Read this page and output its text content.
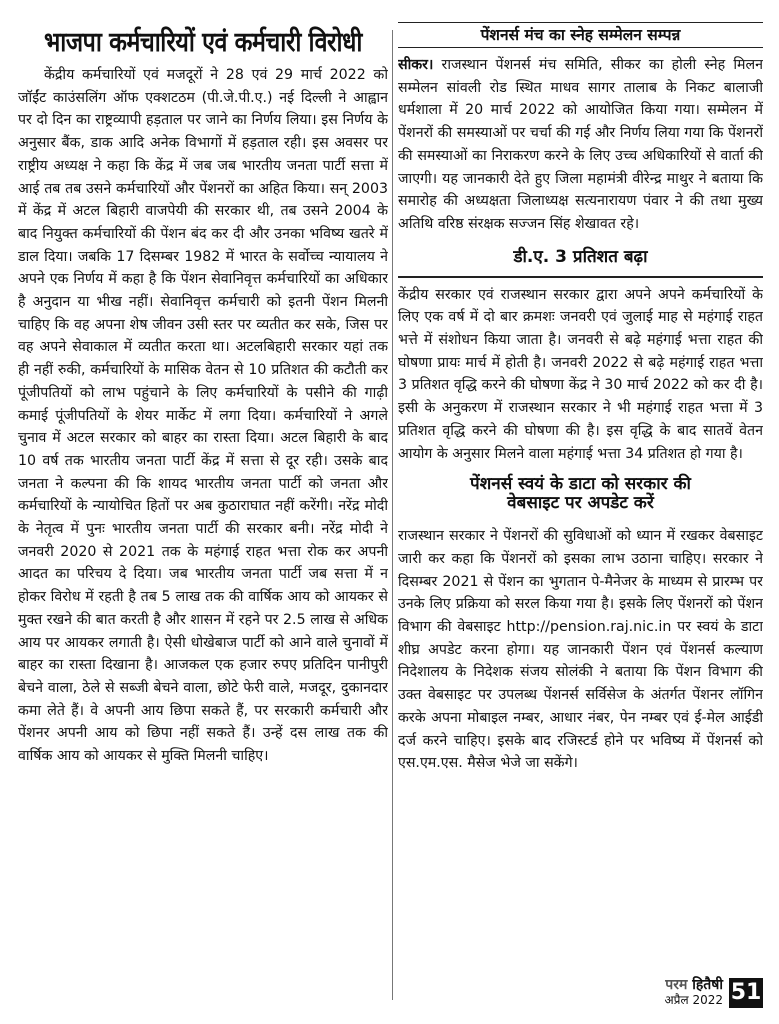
भाजपा कर्मचारियों एवं कर्मचारी विरोधी

केंद्रीय कर्मचारियों एवं मजदूरों ने 28 एवं 29 मार्च 2022 को जॉईंट काउंसलिंग ऑफ एक्शटठम (पी.जे.पी.ए.) नई दिल्ली ने आह्वान पर दो दिन का राष्ट्रव्यापी हड़ताल पर जाने का निर्णय लिया। इस निर्णय के अनुसार बैंक, डाक आदि अनेक विभागों में हड़ताल रही। इस अवसर पर राष्ट्रीय अध्यक्ष ने कहा कि केंद्र में जब जब भारतीय जनता पार्टी सत्ता में आई तब तब उसने कर्मचारियों और पेंशनरों का अहित किया। सन् 2003 में केंद्र में अटल बिहारी वाजपेयी की सरकार थी, तब उसने 2004 के बाद नियुक्त कर्मचारियों की पेंशन बंद कर दी और उनका भविष्य खतरे में डाल दिया। जबकि 17 दिसम्बर 1982 में भारत के सर्वोच्च न्यायालय ने अपने एक निर्णय में कहा है कि पेंशन सेवानिवृत्त कर्मचारियों का अधिकार है अनुदान या भीख नहीं। सेवानिवृत्त कर्मचारी को इतनी पेंशन मिलनी चाहिए कि वह अपना शेष जीवन उसी स्तर पर व्यतीत कर सके, जिस पर वह अपने सेवाकाल में व्यतीत करता था। अटलबिहारी सरकार यहां तक ही नहीं रुकी, कर्मचारियों के मासिक वेतन से 10 प्रतिशत की कटौती कर पूंजीपतियों को लाभ पहुंचाने के लिए कर्मचारियों के पसीने की गाढ़ी कमाई पूंजीपतियों के शेयर मार्केट में लगा दिया। कर्मचारियों ने अगले चुनाव में अटल सरकार को बाहर का रास्ता दिया। अटल बिहारी के बाद 10 वर्ष तक भारतीय जनता पार्टी केंद्र में सत्ता से दूर रही। उसके बाद जनता ने कल्पना की कि शायद भारतीय जनता पार्टी को जनता और कर्मचारियों के न्यायोचित हितों पर अब कुठाराघात नहीं करेंगी। नरेंद्र मोदी के नेतृत्व में पुनः भारतीय जनता पार्टी की सरकार बनी। नरेंद्र मोदी ने जनवरी 2020 से 2021 तक के महंगाई राहत भत्ता रोक कर अपनी आदत का परिचय दे दिया। जब भारतीय जनता पार्टी जब सत्ता में न होकर विरोध में रहती है तब 5 लाख तक की वार्षिक आय को आयकर से मुक्त रखने की बात करती है और शासन में रहने पर 2.5 लाख से अधिक आय पर आयकर लगाती है। ऐसी धोखेबाज पार्टी को आने वाले चुनावों में बाहर का रास्ता दिखाना है। आजकल एक हजार रुपए प्रतिदिन पानीपुरी बेचने वाला, ठेले से सब्जी बेचने वाला, छोटे फेरी वाले, मजदूर, दुकानदार कमा लेते हैं। वे अपनी आय छिपा सकते हैं, पर सरकारी कर्मचारी और पेंशनर अपनी आय को छिपा नहीं सकते हैं। उन्हें दस लाख तक की वार्षिक आय को आयकर से मुक्ति मिलनी चाहिए।

पेंशनर्स मंच का स्नेह सम्मेलन सम्पन्न

सीकर। राजस्थान पेंशनर्स मंच समिति, सीकर का होली स्नेह मिलन सम्मेलन सांवली रोड स्थित माधव सागर तालाब के निकट बालाजी धर्मशाला में 20 मार्च 2022 को आयोजित किया गया। सम्मेलन में पेंशनरों की समस्याओं पर चर्चा की गई और निर्णय लिया गया कि पेंशनरों की समस्याओं का निराकरण करने के लिए उच्च अधिकारियों से वार्ता की जाएगी। यह जानकारी देते हुए जिला महामंत्री वीरेन्द्र माथुर ने बताया कि समारोह की अध्यक्षता जिलाध्यक्ष सत्यनारायण पंवार ने की तथा मुख्य अतिथि वरिष्ठ संरक्षक सज्जन सिंह शेखावत रहे।

डी.ए. 3 प्रतिशत बढ़ा

केंद्रीय सरकार एवं राजस्थान सरकार द्वारा अपने अपने कर्मचारियों के लिए एक वर्ष में दो बार क्रमशः जनवरी एवं जुलाई माह से महंगाई राहत भत्ते में संशोधन किया जाता है। जनवरी से बढ़े महंगाई भत्ता राहत की घोषणा प्रायः मार्च में होती है। जनवरी 2022 से बढ़े महंगाई राहत भत्ता 3 प्रतिशत वृद्धि करने की घोषणा केंद्र ने 30 मार्च 2022 को कर दी है। इसी के अनुकरण में राजस्थान सरकार ने भी महंगाई राहत भत्ता में 3 प्रतिशत वृद्धि करने की घोषणा की है। इस वृद्धि के बाद सातवें वेतन आयोग के अनुसार मिलने वाला महंगाई भत्ता 34 प्रतिशत हो गया है।

पेंशनर्स स्वयं के डाटा को सरकार की
वेबसाइट पर अपडेट करें

राजस्थान सरकार ने पेंशनरों की सुविधाओं को ध्यान में रखकर वेबसाइट जारी कर कहा कि पेंशनरों को इसका लाभ उठाना चाहिए। सरकार ने दिसम्बर 2021 से पेंशन का भुगतान पे-मैनेजर के माध्यम से प्रारम्भ पर उनके लिए प्रक्रिया को सरल किया गया है। इसके लिए पेंशनरों को पेंशन विभाग की वेबसाइट http://pension.raj.nic.in पर स्वयं के डाटा शीघ्र अपडेट करना होगा। यह जानकारी पेंशन एवं पेंशनर्स कल्याण निदेशालय के निदेशक संजय सोलंकी ने बताया कि पेंशन विभाग की उक्त वेबसाइट पर उपलब्ध पेंशनर्स सर्विसेज के अंतर्गत पेंशनर लॉगिन करके अपना मोबाइल नम्बर, आधार नंबर, पेन नम्बर एवं ई-मेल आईडी दर्ज करने चाहिए। इसके बाद रजिस्टर्ड होने पर भविष्य में पेंशनर्स को एस.एम.एस. मैसेज भेजे जा सकेंगे।

परम हितैषी
अप्रैल 2022 51
